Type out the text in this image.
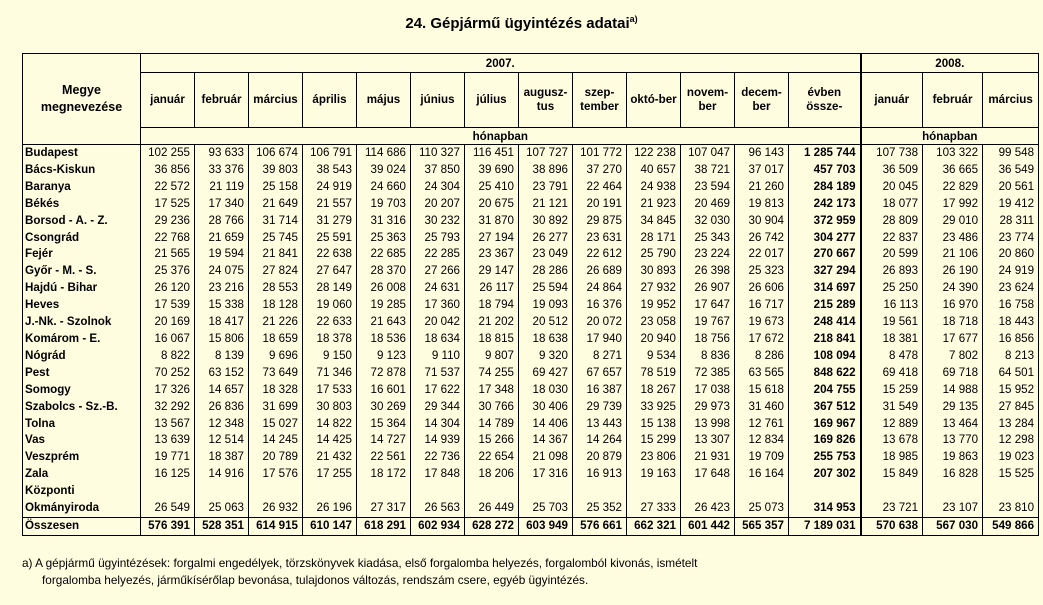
24. Gépjármű ügyintézés adatai$^{a)}$
Megye megnevezése	2007.													2008.		
	január	február	március	április	május	június	július	augusz-tus	szep-tember	októ-ber	novem-ber	decem-ber	évben össze-	január	február	március
	hónapban													hónapban		
Budapest	102 255	93 633	106 674	106 791	114 686	110 327	116 451	107 727	101 772	122 238	107 047	96 143	1 285 744	107 738	103 322	99 548
Bács-Kiskun	36 856	33 376	39 803	38 543	39 024	37 850	39 690	38 896	37 270	40 657	38 721	37 017	457 703	36 509	36 665	36 549
Baranya	22 572	21 119	25 158	24 919	24 660	24 304	25 410	23 791	22 464	24 938	23 594	21 260	284 189	20 045	22 829	20 561
Békés	17 525	17 340	21 649	21 557	19 703	20 207	20 675	21 121	20 191	21 923	20 469	19 813	242 173	18 077	17 992	19 412
Borsod - A. - Z.	29 236	28 766	31 714	31 279	31 316	30 232	31 870	30 892	29 875	34 845	32 030	30 904	372 959	28 809	29 010	28 311
Csongrád	22 768	21 659	25 745	25 591	25 363	25 793	27 194	26 277	23 631	28 171	25 343	26 742	304 277	22 837	23 486	23 774
Fejér	21 565	19 594	21 841	22 638	22 685	22 285	23 367	23 049	22 612	25 790	23 224	22 017	270 667	20 599	21 106	20 860
Győr - M. - S.	25 376	24 075	27 824	27 647	28 370	27 266	29 147	28 286	26 689	30 893	26 398	25 323	327 294	26 893	26 190	24 919
Hajdú - Bihar	26 120	23 216	28 553	28 149	26 008	24 631	26 117	25 594	24 864	27 932	26 907	26 606	314 697	25 250	24 390	23 624
Heves	17 539	15 338	18 128	19 060	19 285	17 360	18 794	19 093	16 376	19 952	17 647	16 717	215 289	16 113	16 970	16 758
J.-Nk. - Szolnok	20 169	18 417	21 226	22 633	21 643	20 042	21 202	20 512	20 072	23 058	19 767	19 673	248 414	19 561	18 718	18 443
Komárom - E.	16 067	15 806	18 659	18 378	18 536	18 634	18 815	18 638	17 940	20 940	18 756	17 672	218 841	18 381	17 677	16 856
Nógrád	8 822	8 139	9 696	9 150	9 123	9 110	9 807	9 320	8 271	9 534	8 836	8 286	108 094	8 478	7 802	8 213
Pest	70 252	63 152	73 649	71 346	72 878	71 537	74 255	69 427	67 657	78 519	72 385	63 565	848 622	69 418	69 718	64 501
Somogy	17 326	14 657	18 328	17 533	16 601	17 622	17 348	18 030	16 387	18 267	17 038	15 618	204 755	15 259	14 988	15 952
Szabolcs - Sz.-B.	32 292	26 836	31 699	30 803	30 269	29 344	30 766	30 406	29 739	33 925	29 973	31 460	367 512	31 549	29 135	27 845
Tolna	13 567	12 348	15 027	14 822	15 364	14 304	14 789	14 406	13 443	15 138	13 998	12 761	169 967	12 889	13 464	13 284
Vas	13 639	12 514	14 245	14 425	14 727	14 939	15 266	14 367	14 264	15 299	13 307	12 834	169 826	13 678	13 770	12 298
Veszprém	19 771	18 387	20 789	21 432	22 561	22 736	22 654	21 098	20 879	23 806	21 931	19 709	255 753	18 985	19 863	19 023
Zala	16 125	14 916	17 576	17 255	18 172	17 848	18 206	17 316	16 913	19 163	17 648	16 164	207 302	15 849	16 828	15 525
Központi																
Okmányiroda	26 549	25 063	26 932	26 196	27 317	26 563	26 449	25 703	25 352	27 333	26 423	25 073	314 953	23 721	23 107	23 810
Összesen	576 391	528 351	614 915	610 147	618 291	602 934	628 272	603 949	576 661	662 321	601 442	565 357	7 189 031	570 638	567 030	549 866
a) A gépjármű ügyintézések: forgalmi engedélyek, törzskönyvek kiadása, első forgalomba helyezés, forgalomból kivonás, ismételt
forgalomba helyezés, járműkísérőlap bevonása, tulajdonos változás, rendszám csere, egyéb ügyintézés.
